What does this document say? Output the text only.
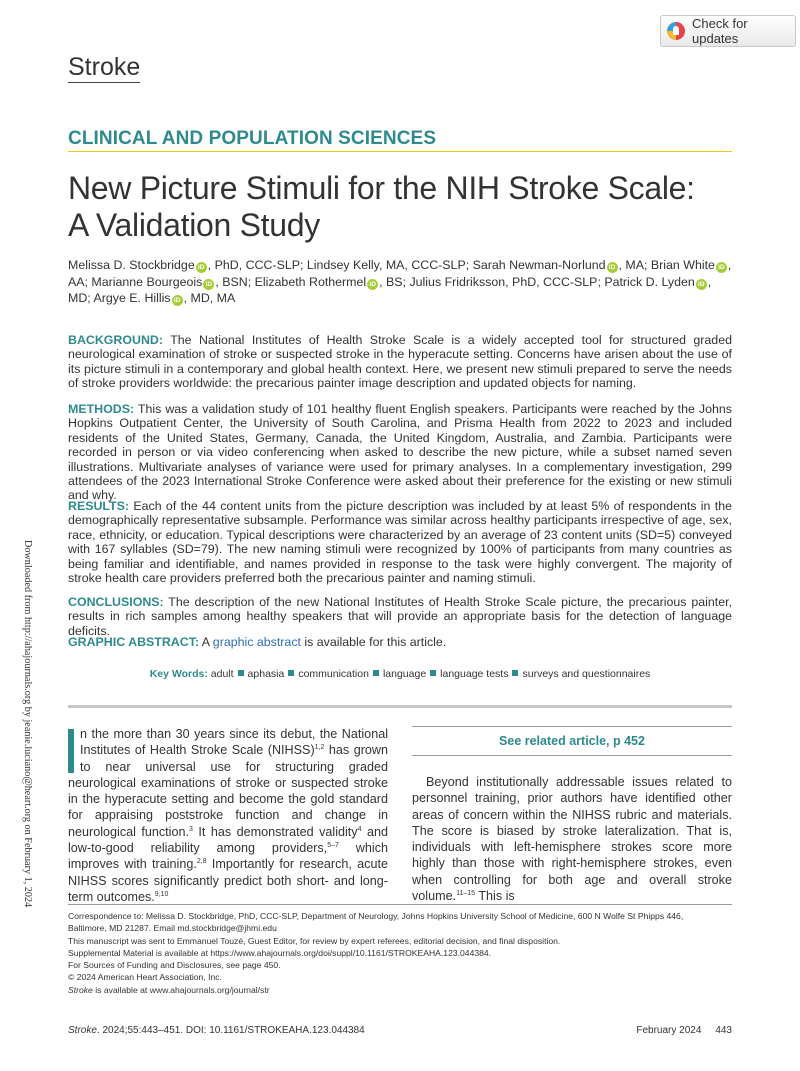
Check for updates
Stroke
CLINICAL AND POPULATION SCIENCES
New Picture Stimuli for the NIH Stroke Scale:
A Validation Study
Melissa D. Stockbridge iD , PhD, CCC-SLP; Lindsey Kelly, MA, CCC-SLP; Sarah Newman-Norlund iD , MA; Brian White iD , AA; Marianne Bourgeois iD , BSN; Elizabeth Rothermel iD , BS; Julius Fridriksson, PhD, CCC-SLP; Patrick D. Lyden iD , MD; Argye E. Hillis iD , MD, MA
BACKGROUND: The National Institutes of Health Stroke Scale is a widely accepted tool for structured graded neurological examination of stroke or suspected stroke in the hyperacute setting. Concerns have arisen about the use of its picture stimuli in a contemporary and global health context. Here, we present new stimuli prepared to serve the needs of stroke providers worldwide: the precarious painter image description and updated objects for naming.
METHODS: This was a validation study of 101 healthy fluent English speakers. Participants were reached by the Johns Hopkins Outpatient Center, the University of South Carolina, and Prisma Health from 2022 to 2023 and included residents of the United States, Germany, Canada, the United Kingdom, Australia, and Zambia. Participants were recorded in person or via video conferencing when asked to describe the new picture, while a subset named seven illustrations. Multivariate analyses of variance were used for primary analyses. In a complementary investigation, 299 attendees of the 2023 International Stroke Conference were asked about their preference for the existing or new stimuli and why.
RESULTS: Each of the 44 content units from the picture description was included by at least 5% of respondents in the demographically representative subsample. Performance was similar across healthy participants irrespective of age, sex, race, ethnicity, or education. Typical descriptions were characterized by an average of 23 content units (SD=5) conveyed with 167 syllables (SD=79). The new naming stimuli were recognized by 100% of participants from many countries as being familiar and identifiable, and names provided in response to the task were highly convergent. The majority of stroke health care providers preferred both the precarious painter and naming stimuli.
CONCLUSIONS: The description of the new National Institutes of Health Stroke Scale picture, the precarious painter, results in rich samples among healthy speakers that will provide an appropriate basis for the detection of language deficits.
GRAPHIC ABSTRACT: A graphic abstract is available for this article.
Key Words: adult aphasia communication language language tests surveys and questionnaires
n the more than 30 years since its debut, the National Institutes of Health Stroke Scale (NIHSS)$^{1,2}$ has grown to near universal use for structuring graded neurological examinations of stroke or suspected stroke in the hyperacute setting and become the gold standard for appraising poststroke function and change in neurological function.$^3$ It has demonstrated validity$^4$ and low-to-good reliability among providers,$^{5-7}$ which improves with training.$^{2,8}$ Importantly for research, acute NIHSS scores significantly predict both short- and long-term outcomes.$^{9,10}$
See related article, p 452
Beyond institutionally addressable issues related to personnel training, prior authors have identified other areas of concern within the NIHSS rubric and materials. The score is biased by stroke lateralization. That is, individuals with left-hemisphere strokes score more highly than those with right-hemisphere strokes, even when controlling for both age and overall stroke volume.$^{11-15}$ This is
Correspondence to: Melissa D. Stockbridge, PhD, CCC-SLP, Department of Neurology, Johns Hopkins University School of Medicine, 600 N Wolfe St Phipps 446,
Baltimore, MD 21287. Email md.stockbridge@jhmi.edu
This manuscript was sent to Emmanuel Touzé, Guest Editor, for review by expert referees, editorial decision, and final disposition.
Supplemental Material is available at https://www.ahajournals.org/doi/suppl/10.1161/STROKEAHA.123.044384.
For Sources of Funding and Disclosures, see page 450.
© 2024 American Heart Association, Inc.
Stroke is available at www.ahajournals.org/journal/str
Stroke. 2024;55:443–451. DOI: 10.1161/STROKEAHA.123.044384	February 2024 443
Downloaded from http://ahajournals.org by jeanie.luciano@heart.org on February 1, 2024
